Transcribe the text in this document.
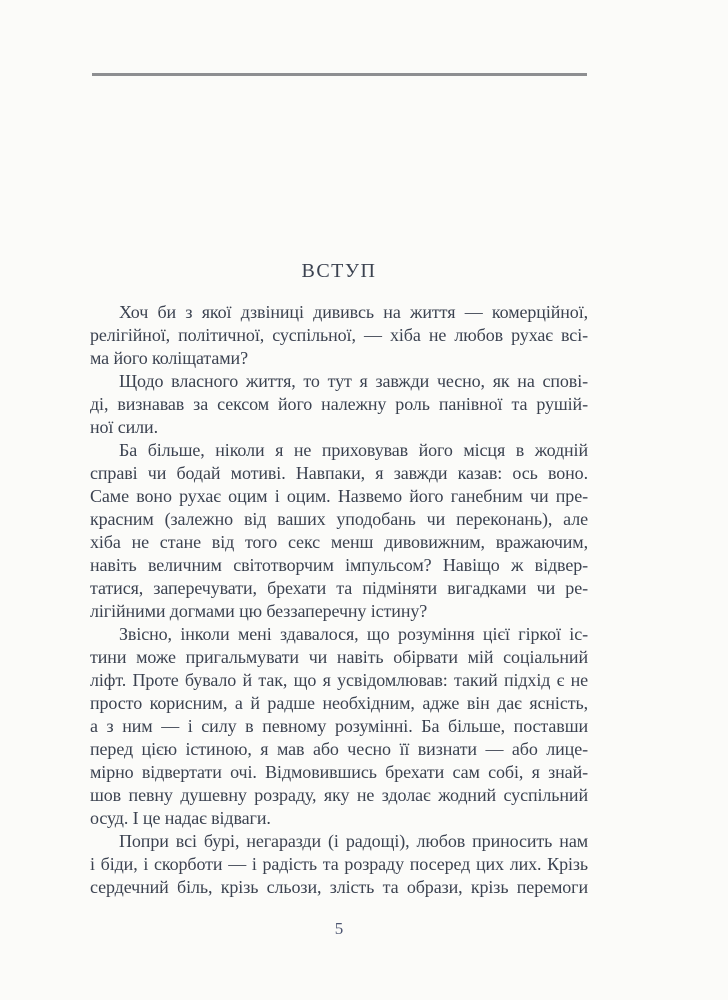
ВСТУП
Хоч би з якої дзвіниці дививсь на життя — комерційної,
релігійної, політичної, суспільної, — хіба не любов рухає всі-
ма його коліщатами?
Щодо власного життя, то тут я завжди чесно, як на спові-
ді, визнавав за сексом його належну роль панівної та рушій-
ної сили.
Ба більше, ніколи я не приховував його місця в жодній
справі чи бодай мотиві. Навпаки, я завжди казав: ось воно.
Саме воно рухає оцим і оцим. Назвемо його ганебним чи пре-
красним (залежно від ваших уподобань чи переконань), але
хіба не стане від того секс менш дивовижним, вражаючим,
навіть величним світотворчим імпульсом? Навіщо ж відвер-
татися, заперечувати, брехати та підміняти вигадками чи ре-
лігійними догмами цю беззаперечну істину?
Звісно, інколи мені здавалося, що розуміння цієї гіркої іс-
тини може пригальмувати чи навіть обірвати мій соціальний
ліфт. Проте бувало й так, що я усвідомлював: такий підхід є не
просто корисним, а й радше необхідним, адже він дає ясність,
а з ним — і силу в певному розумінні. Ба більше, поставши
перед цією істиною, я мав або чесно її визнати — або лице-
мірно відвертати очі. Відмовившись брехати сам собі, я знай-
шов певну душевну розраду, яку не здолає жодний суспільний
осуд. І це надає відваги.
Попри всі бурі, негаразди (і радощі), любов приносить нам
і біди, і скорботи — і радість та розраду посеред цих лих. Крізь
сердечний біль, крізь сльози, злість та образи, крізь перемоги
5
